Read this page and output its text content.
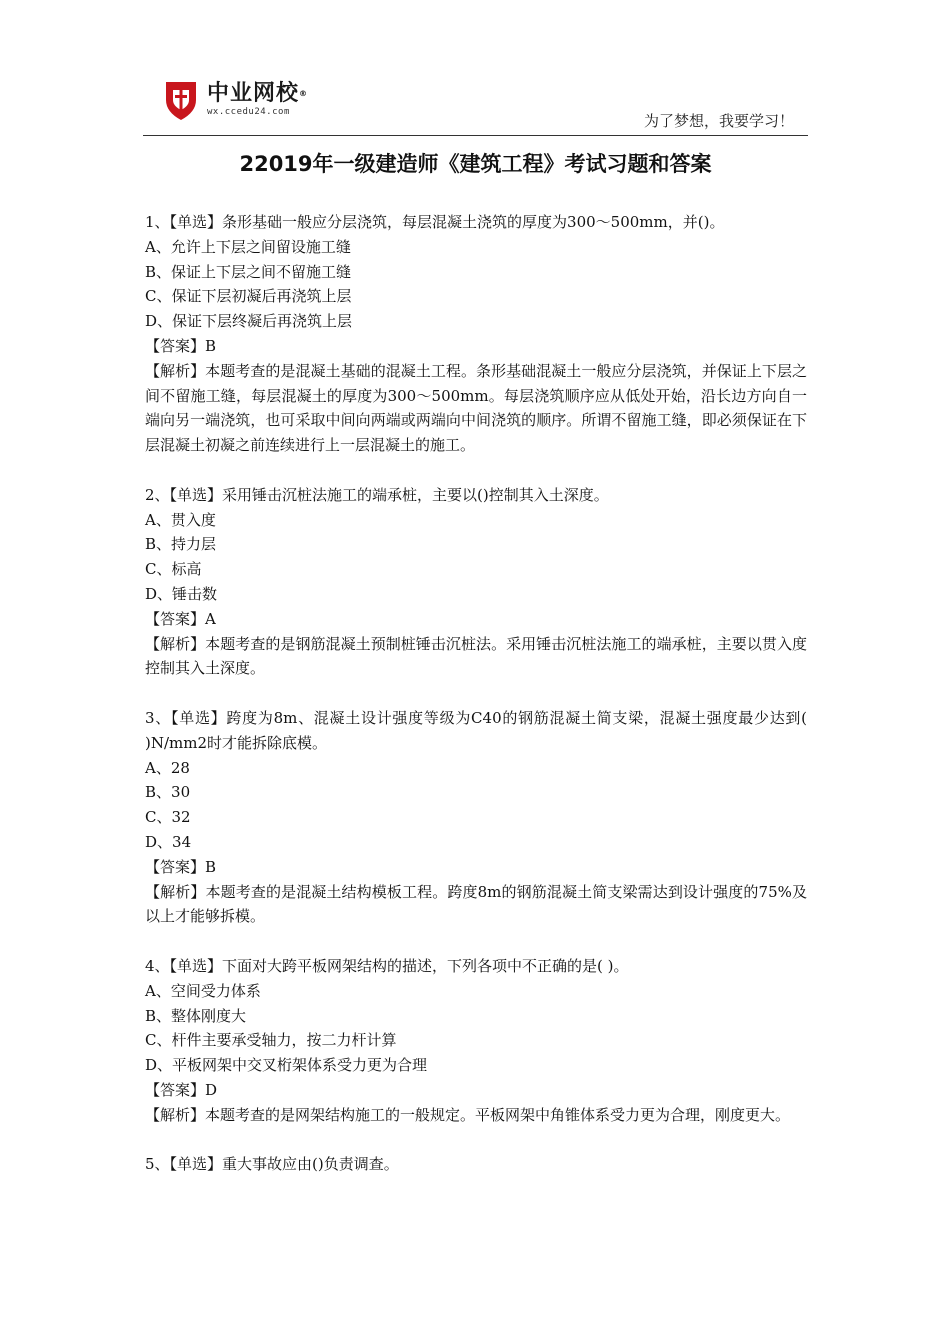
中业网校®
wx.ccedu24.com	为了梦想，我要学习！
22019年一级建造师《建筑工程》考试习题和答案

1、【单选】条形基础一般应分层浇筑，每层混凝土浇筑的厚度为300～500mm，并()。

A、允许上下层之间留设施工缝

B、保证上下层之间不留施工缝

C、保证下层初凝后再浇筑上层

D、保证下层终凝后再浇筑上层

【答案】B

【解析】本题考查的是混凝土基础的混凝土工程。条形基础混凝土一般应分层浇筑，并保证上下层之间不留施工缝，每层混凝土的厚度为300～500mm。每层浇筑顺序应从低处开始，沿长边方向自一端向另一端浇筑，也可采取中间向两端或两端向中间浇筑的顺序。所谓不留施工缝，即必须保证在下层混凝土初凝之前连续进行上一层混凝土的施工。

2、【单选】采用锤击沉桩法施工的端承桩，主要以()控制其入土深度。

A、贯入度

B、持力层

C、标高

D、锤击数

【答案】A

【解析】本题考查的是钢筋混凝土预制桩锤击沉桩法。采用锤击沉桩法施工的端承桩，主要以贯入度控制其入土深度。

3、【单选】跨度为8m、混凝土设计强度等级为C40的钢筋混凝土简支梁，混凝土强度最少达到( )N/mm2时才能拆除底模。

A、28

B、30

C、32

D、34

【答案】B

【解析】本题考查的是混凝土结构模板工程。跨度8m的钢筋混凝土简支梁需达到设计强度的75%及以上才能够拆模。

4、【单选】下面对大跨平板网架结构的描述，下列各项中不正确的是( )。

A、空间受力体系

B、整体刚度大

C、杆件主要承受轴力，按二力杆计算

D、平板网架中交叉桁架体系受力更为合理

【答案】D

【解析】本题考查的是网架结构施工的一般规定。平板网架中角锥体系受力更为合理，刚度更大。

5、【单选】重大事故应由()负责调查。
